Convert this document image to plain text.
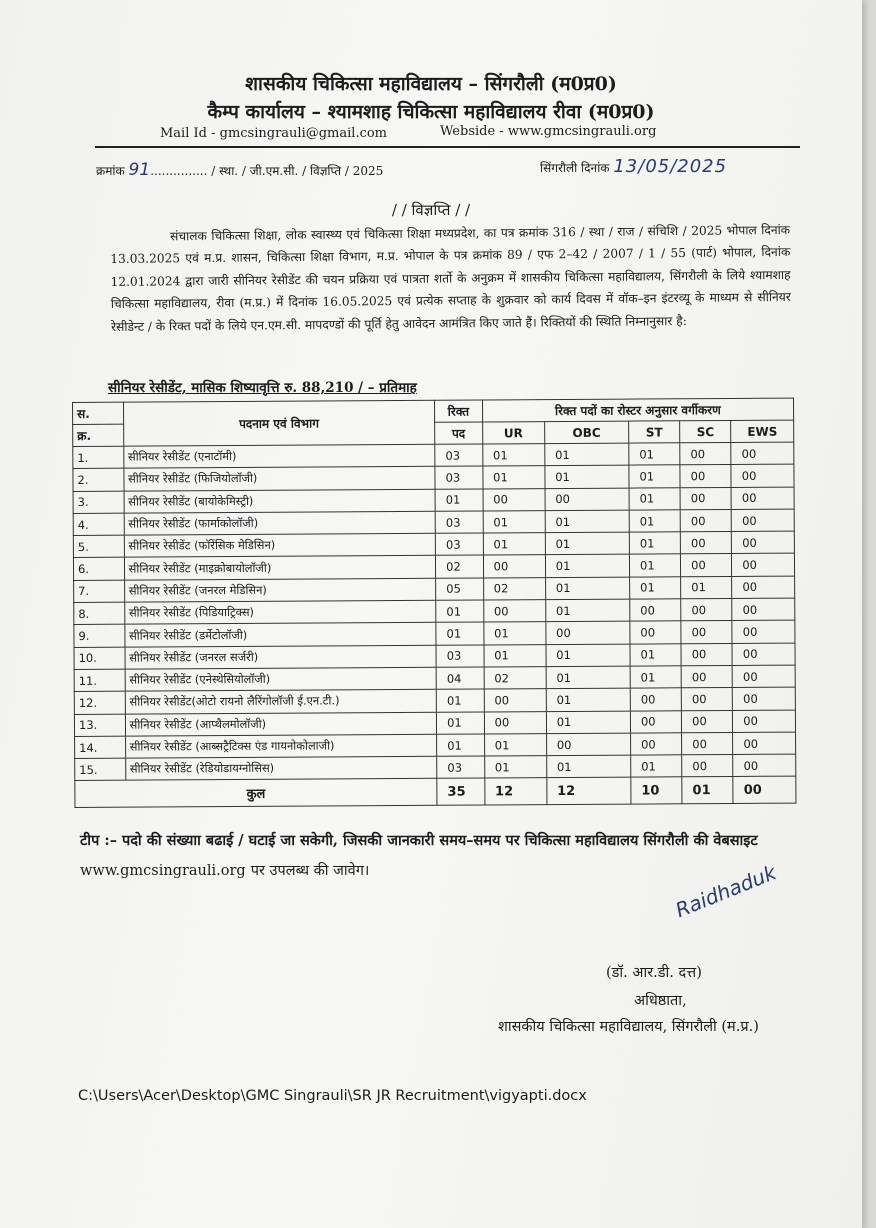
शासकीय चिकित्सा महाविद्यालय – सिंगरौली (म0प्र0)
कैम्प कार्यालय – श्यामशाह चिकित्सा महाविद्यालय रीवा (म0प्र0)
Mail Id - gmcsingrauli@gmail.com	Webside - www.gmcsingrauli.org
क्रमांक 91............... / स्था. / जी.एम.सी. / विज्ञप्ति / 2025	सिंगरौली दिनांक 13/05/2025
/ / विज्ञप्ति / /
संचालक चिकित्सा शिक्षा, लोक स्वास्थ्य एवं चिकित्सा शिक्षा मध्यप्रदेश, का पत्र क्रमांक 316 / स्था / राज / संचिशि / 2025 भोपाल दिनांक 13.03.2025 एवं म.प्र. शासन, चिकित्सा शिक्षा विभाग, म.प्र. भोपाल के पत्र क्रमांक 89 / एफ 2–42 / 2007 / 1 / 55 (पार्ट) भोपाल, दिनांक 12.01.2024 द्वारा जारी सीनियर रेसीडेंट की चयन प्रक्रिया एवं पात्रता शर्तो के अनुक्रम में शासकीय चिकित्सा महाविद्यालय, सिंगरौली के लिये श्यामशाह चिकित्सा महाविद्यालय, रीवा (म.प्र.) में दिनांक 16.05.2025 एवं प्रत्येक सप्ताह के शुक्रवार को कार्य दिवस में वॉक–इन इंटरव्यू के माध्यम से सीनियर रेसीडेन्ट / के रिक्त पदों के लिये एन.एम.सी. मापदण्डों की पूर्ति हेतु आवेदन आमंत्रित किए जाते हैं। रिक्तियों की स्थिति निम्नानुसार है:
सीनियर रेसीडेंट, मासिक शिष्यावृत्ति रु. 88,210 / – प्रतिमाह
स.	पदनाम एवं विभाग	रिक्त	रिक्त पदों का रोस्टर अनुसार वर्गीकरण				
क्र.		पद	UR	OBC	ST	SC	EWS
1.	सीनियर रेसीडेंट (एनाटॉमी)	03	01	01	01	00	00
2.	सीनियर रेसीडेंट (फिजियोलॉजी)	03	01	01	01	00	00
3.	सीनियर रेसीडेंट (बायोकेमिस्ट्री)	01	00	00	01	00	00
4.	सीनियर रेसीडेंट (फार्माकोलॉजी)	03	01	01	01	00	00
5.	सीनियर रेसीडेंट (फॉरेंसिक मेडिसिन)	03	01	01	01	00	00
6.	सीनियर रेसीडेंट (माइक्रोबायोलॉजी)	02	00	01	01	00	00
7.	सीनियर रेसीडेंट (जनरल मेडिसिन)	05	02	01	01	01	00
8.	सीनियर रेसीडेंट (पिडियाट्रिक्स)	01	00	01	00	00	00
9.	सीनियर रेसीडेंट (डर्मेटोलॉजी)	01	01	00	00	00	00
10.	सीनियर रेसीडेंट (जनरल सर्जरी)	03	01	01	01	00	00
11.	सीनियर रेसीडेंट (एनेस्थेसियोलॉजी)	04	02	01	01	00	00
12.	सीनियर रेसीडेंट(ओटो रायनो लैरिंगोलॉजी ई.एन.टी.)	01	00	01	00	00	00
13.	सीनियर रेसीडेंट (आप्थैलमोलॉजी)	01	00	01	00	00	00
14.	सीनियर रेसीडेंट (आब्सट्रैटिक्स एंड गायनोकोलाजी)	01	01	00	00	00	00
15.	सीनियर रेसीडेंट (रेडियोडायग्नोसिस)	03	01	01	01	00	00
कुल		35	12	12	10	01	00
टीप :– पदो की संख्याा बढाई / घटाई जा सकेगी, जिसकी जानकारी समय–समय पर चिकित्सा महाविद्यालय सिंगरौली की वेबसाइट www.gmcsingrauli.org पर उपलब्ध की जावेग।	Raidhaduk
(डॉ. आर.डी. दत्त)
अधिष्ठाता,
शासकीय चिकित्सा महाविद्यालय, सिंगरौली (म.प्र.)
C:\Users\Acer\Desktop\GMC Singrauli\SR JR Recruitment\vigyapti.docx
